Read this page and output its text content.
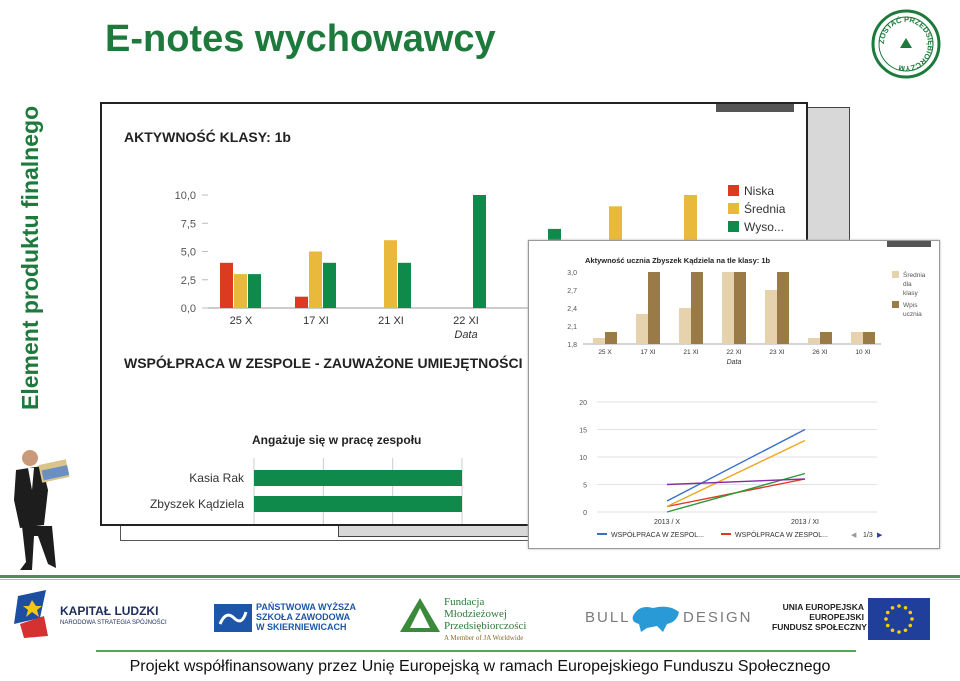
Element produktu finalnego
E-notes wychowawcy	ZOSTAĆ PRZEDSIĘBIORCZYM
AKTYWNOŚĆ KLASY: 1b
10,0
7,5
5,0
2,5
0,0
25 X	17 XI	21 XI	22 XI
Data
Niska
Średnia
Wyso...
WSPÓŁPRACA W ZESPOLE - ZAUWAŻONE UMIEJĘTNOŚCI
Angażuje się w pracę zespołu
Kasia Rak
Zbyszek Kądziela
Aktywność ucznia Zbyszek Kądziela na tle klasy: 1b
3,0
2,7
2,4
2,1
1,8
25 X	17 XI	21 XI	22 XI	23 XI	26 XI	10 XI
Data
Średnia
dla
klasy
Wpis
ucznia
20
15
10
5
0
2013 / X	2013 / XI
WSPÓŁPRACA W ZESPOL...	WSPÓŁPRACA W ZESPOL...	◀ 1/3 ▶
KAPITAŁ LUDZKI
NARODOWA STRATEGIA SPÓJNOŚCI
PAŃSTWOWA WYŻSZA
SZKOŁA ZAWODOWA
W SKIERNIEWICACH
Fundacja
Młodzieżowej
Przedsiębiorczości
A Member of JA Worldwide
BULL	DESIGN
UNIA EUROPEJSKA
EUROPEJSKI
FUNDUSZ SPOŁECZNY
Projekt współfinansowany przez Unię Europejską w ramach Europejskiego Funduszu Społecznego
